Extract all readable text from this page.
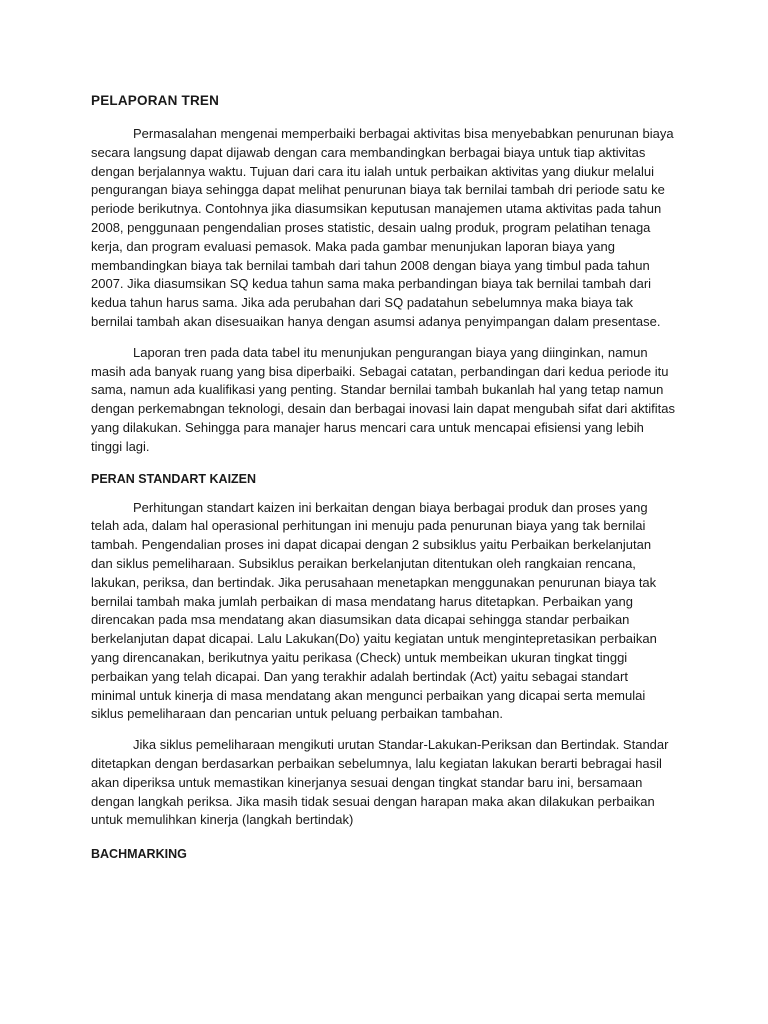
PELAPORAN TREN

Permasalahan mengenai memperbaiki berbagai aktivitas bisa menyebabkan penurunan biaya secara langsung dapat dijawab dengan cara membandingkan berbagai biaya untuk tiap aktivitas dengan berjalannya waktu. Tujuan dari cara itu ialah untuk perbaikan aktivitas yang diukur melalui pengurangan biaya sehingga dapat melihat penurunan biaya tak bernilai tambah dri periode satu ke periode berikutnya. Contohnya jika diasumsikan keputusan manajemen utama aktivitas pada tahun 2008, penggunaan pengendalian proses statistic, desain ualng produk, program pelatihan tenaga kerja, dan program evaluasi pemasok. Maka pada gambar menunjukan laporan biaya yang membandingkan biaya tak bernilai tambah dari tahun 2008 dengan biaya yang timbul pada tahun 2007. Jika diasumsikan SQ kedua tahun sama maka perbandingan biaya tak bernilai tambah dari kedua tahun harus sama. Jika ada perubahan dari SQ padatahun sebelumnya maka biaya tak bernilai tambah akan disesuaikan hanya dengan asumsi adanya penyimpangan dalam presentase.

Laporan tren pada data tabel itu menunjukan pengurangan biaya yang diinginkan, namun masih ada banyak ruang yang bisa diperbaiki. Sebagai catatan, perbandingan dari kedua periode itu sama, namun ada kualifikasi yang penting. Standar bernilai tambah bukanlah hal yang tetap namun dengan perkemabngan teknologi, desain dan berbagai inovasi lain dapat mengubah sifat dari aktifitas yang dilakukan. Sehingga para manajer harus mencari cara untuk mencapai efisiensi yang lebih tinggi lagi.

PERAN STANDART KAIZEN

Perhitungan standart kaizen ini berkaitan dengan biaya berbagai produk dan proses yang telah ada, dalam hal operasional perhitungan ini menuju pada penurunan biaya yang tak bernilai tambah. Pengendalian proses ini dapat dicapai dengan 2 subsiklus yaitu Perbaikan berkelanjutan dan siklus pemeliharaan. Subsiklus peraikan berkelanjutan ditentukan oleh rangkaian rencana, lakukan, periksa, dan bertindak. Jika perusahaan menetapkan menggunakan penurunan biaya tak bernilai tambah maka jumlah perbaikan di masa mendatang harus ditetapkan. Perbaikan yang direncakan pada msa mendatang akan diasumsikan data dicapai sehingga standar perbaikan berkelanjutan dapat dicapai. Lalu Lakukan(Do) yaitu kegiatan untuk mengintepretasikan perbaikan yang direncanakan, berikutnya yaitu perikasa (Check) untuk membeikan ukuran tingkat tinggi perbaikan yang telah dicapai. Dan yang terakhir adalah bertindak (Act) yaitu sebagai standart minimal untuk kinerja di masa mendatang akan mengunci perbaikan yang dicapai serta memulai siklus pemeliharaan dan pencarian untuk peluang perbaikan tambahan.

Jika siklus pemeliharaan mengikuti urutan Standar-Lakukan-Periksan dan Bertindak. Standar ditetapkan dengan berdasarkan perbaikan sebelumnya, lalu kegiatan lakukan berarti bebragai hasil akan diperiksa untuk memastikan kinerjanya sesuai dengan tingkat standar baru ini, bersamaan dengan langkah periksa. Jika masih tidak sesuai dengan harapan maka akan dilakukan perbaikan untuk memulihkan kinerja (langkah bertindak)

BACHMARKING
